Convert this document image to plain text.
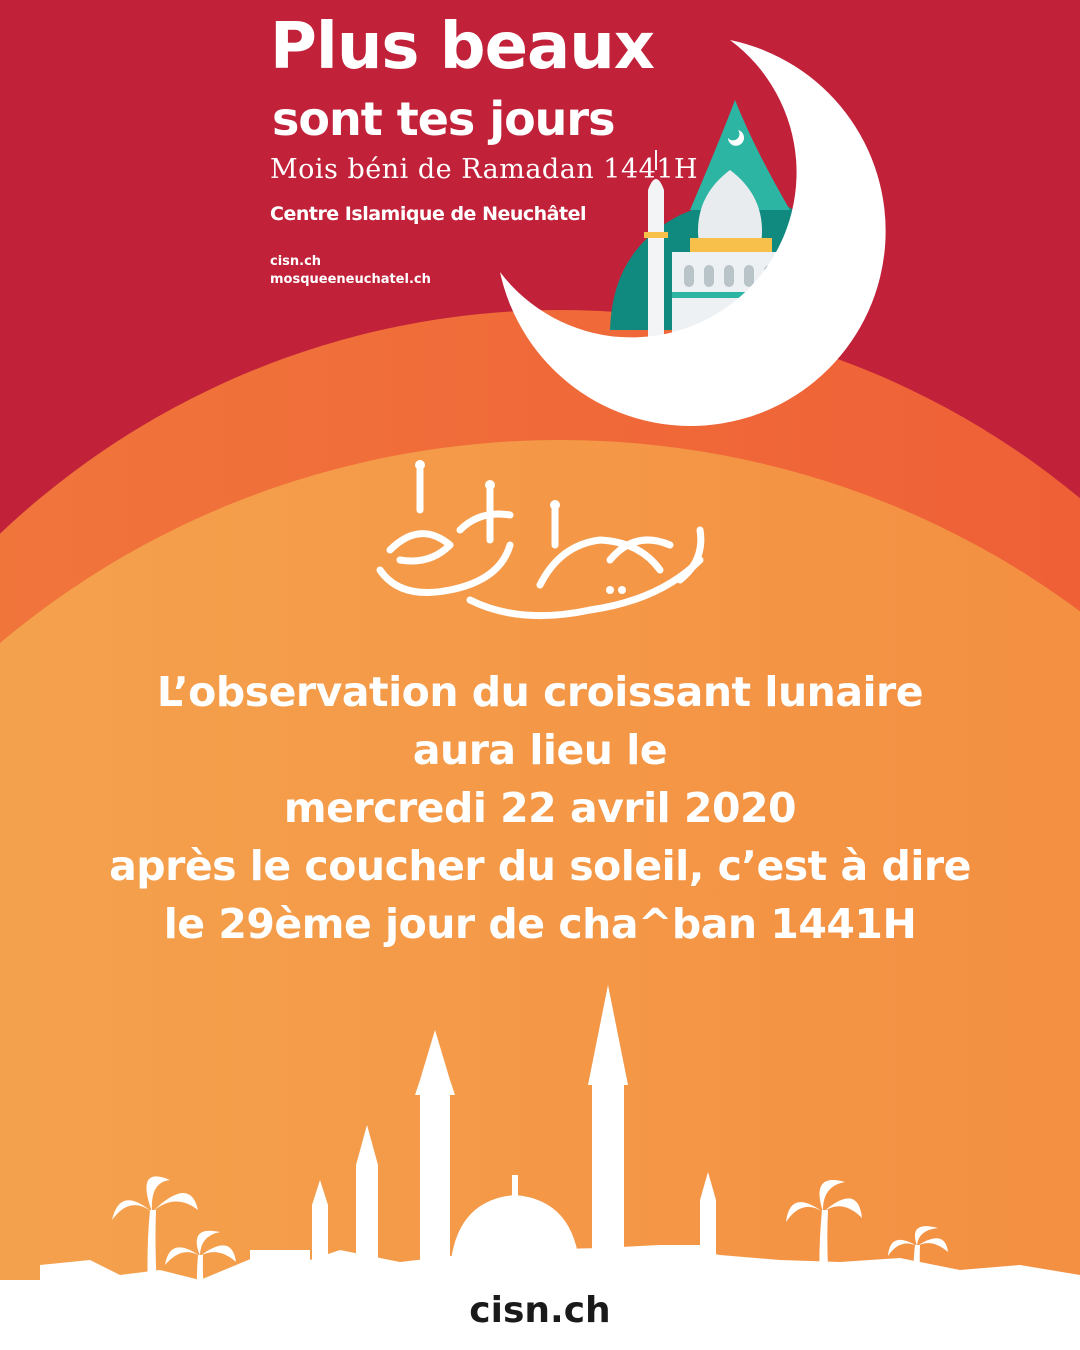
Plus beaux
sont tes jours
Mois béni de Ramadan 1441H
Centre Islamique de Neuchâtel
cisn.ch
mosqueeneuchatel.ch
L’observation du croissant lunaire
aura lieu le
mercredi 22 avril 2020
après le coucher du soleil, c’est à dire
le 29ème jour de cha^ban 1441H
cisn.ch
